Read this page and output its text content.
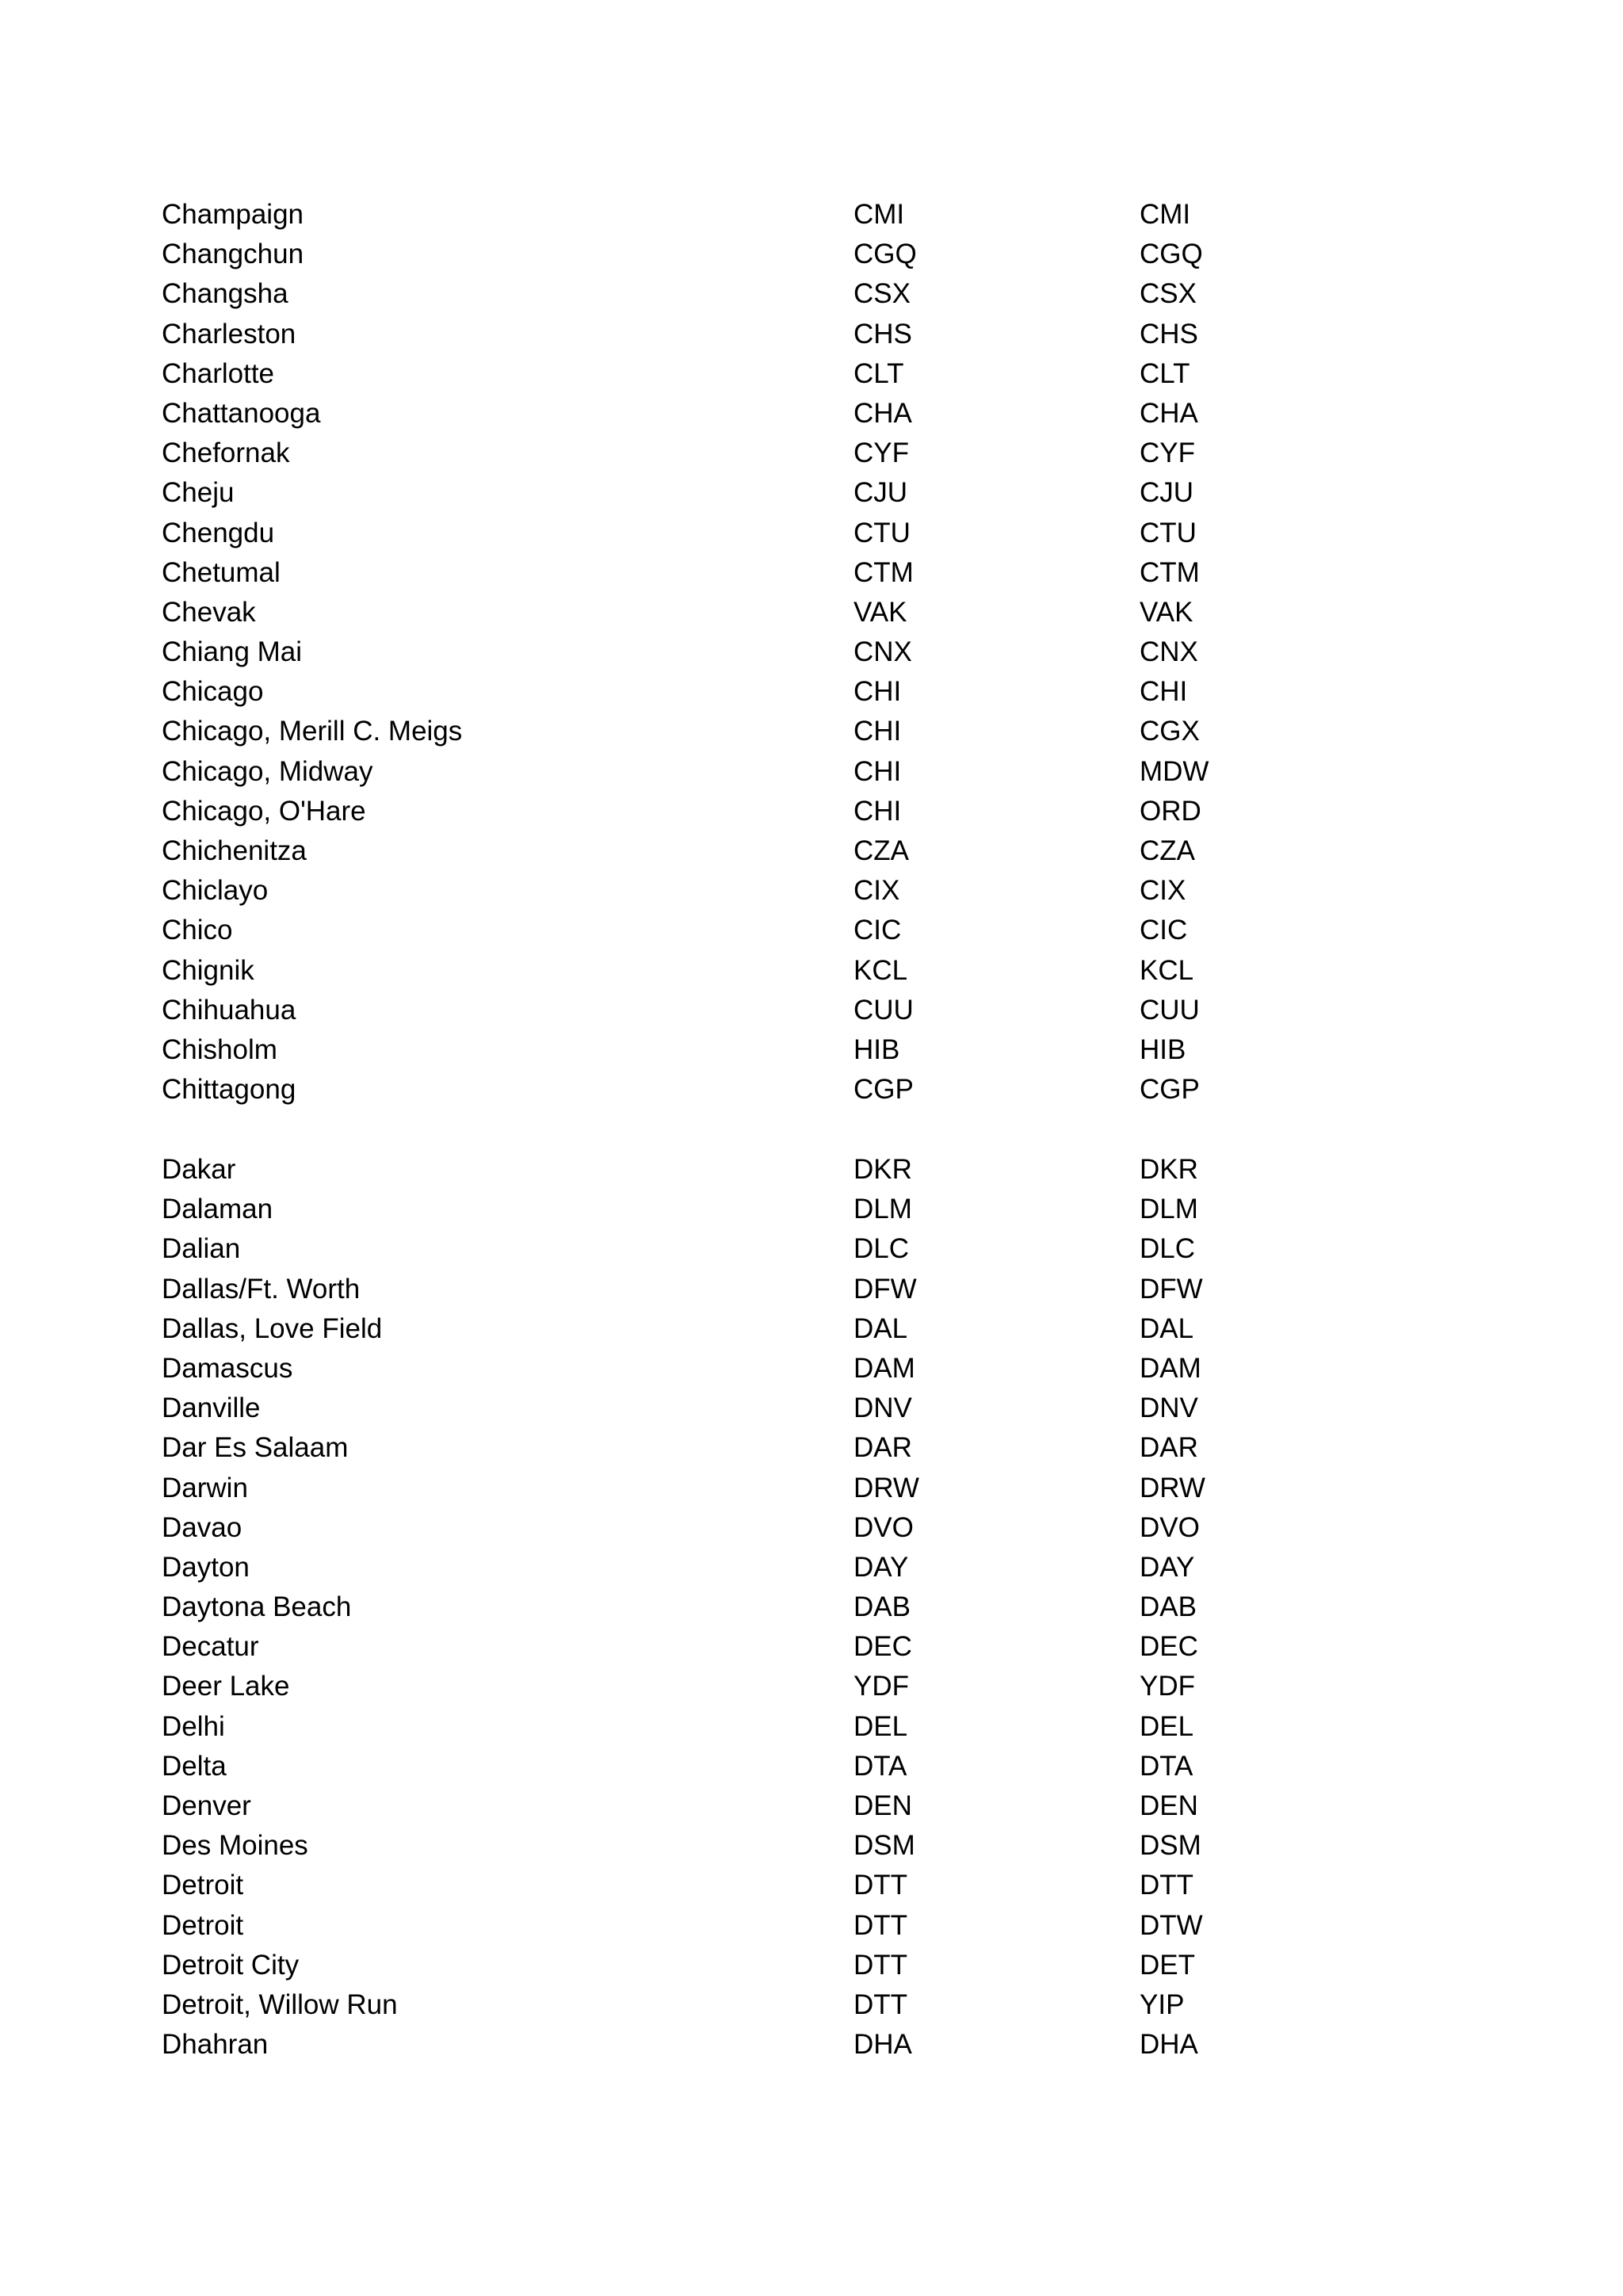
Champaign	CMI	CMI
Changchun	CGQ	CGQ
Changsha	CSX	CSX
Charleston	CHS	CHS
Charlotte	CLT	CLT
Chattanooga	CHA	CHA
Chefornak	CYF	CYF
Cheju	CJU	CJU
Chengdu	CTU	CTU
Chetumal	CTM	CTM
Chevak	VAK	VAK
Chiang Mai	CNX	CNX
Chicago	CHI	CHI
Chicago, Merill C. Meigs	CHI	CGX
Chicago, Midway	CHI	MDW
Chicago, O'Hare	CHI	ORD
Chichenitza	CZA	CZA
Chiclayo	CIX	CIX
Chico	CIC	CIC
Chignik	KCL	KCL
Chihuahua	CUU	CUU
Chisholm	HIB	HIB
Chittagong	CGP	CGP
Dakar	DKR	DKR
Dalaman	DLM	DLM
Dalian	DLC	DLC
Dallas/Ft. Worth	DFW	DFW
Dallas, Love Field	DAL	DAL
Damascus	DAM	DAM
Danville	DNV	DNV
Dar Es Salaam	DAR	DAR
Darwin	DRW	DRW
Davao	DVO	DVO
Dayton	DAY	DAY
Daytona Beach	DAB	DAB
Decatur	DEC	DEC
Deer Lake	YDF	YDF
Delhi	DEL	DEL
Delta	DTA	DTA
Denver	DEN	DEN
Des Moines	DSM	DSM
Detroit	DTT	DTT
Detroit	DTT	DTW
Detroit City	DTT	DET
Detroit, Willow Run	DTT	YIP
Dhahran	DHA	DHA
